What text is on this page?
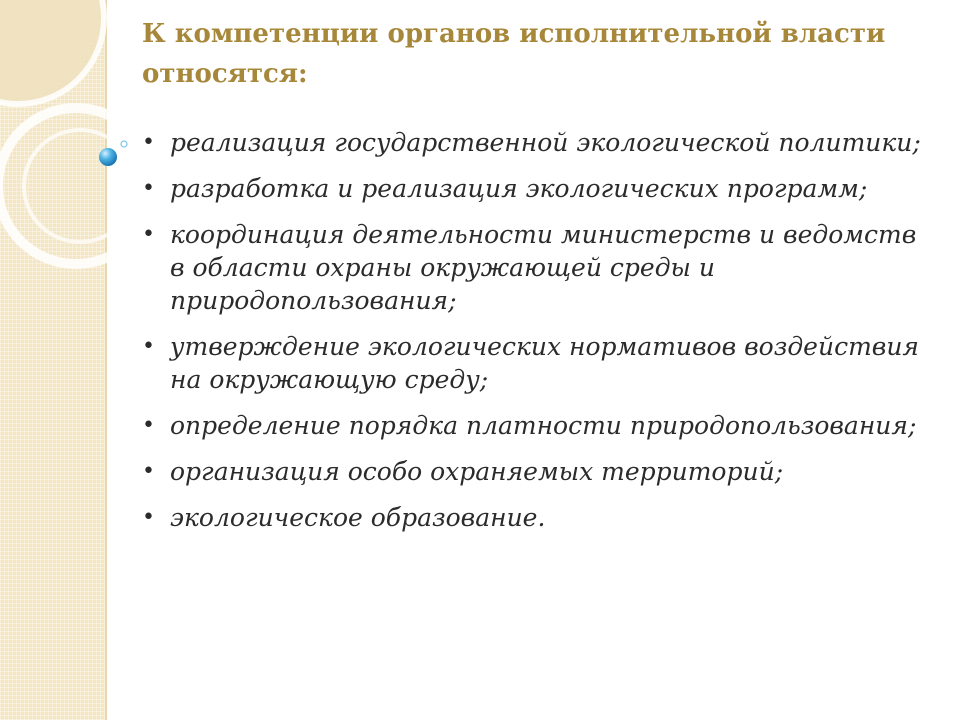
К компетенции органов исполнительной власти относятся:
• реализация государственной экологической политики;
• разработка и реализация экологических программ;
• координация деятельности министерств и ведомств в области охраны окружающей среды и природопользования;
• утверждение экологических нормативов воздействия на окружающую среду;
• определение порядка платности природопользования;
• организация особо охраняемых территорий;
• экологическое образование.
